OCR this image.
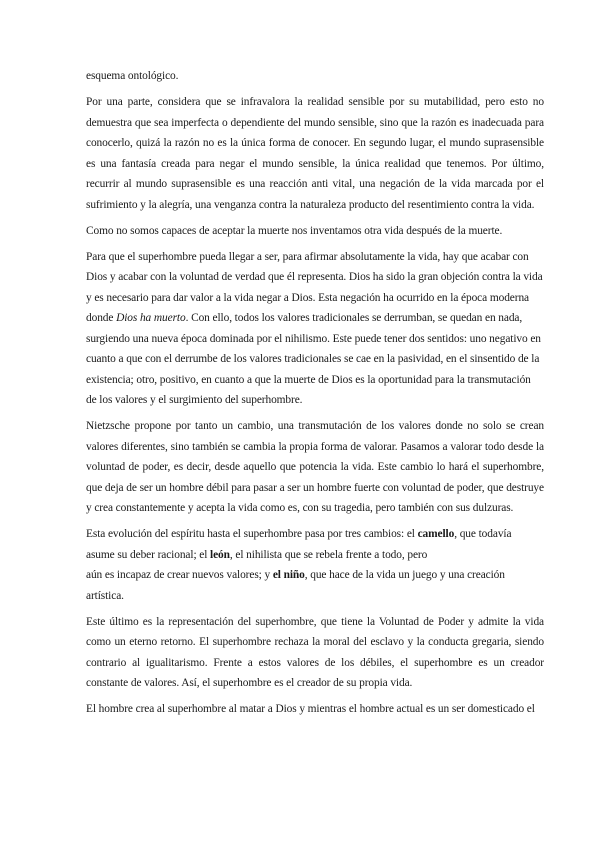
esquema ontológico.

Por una parte, considera que se infravalora la realidad sensible por su mutabilidad, pero esto no demuestra que sea imperfecta o dependiente del mundo sensible, sino que la razón es inadecuada para conocerlo, quizá la razón no es la única forma de conocer. En segundo lugar, el mundo suprasensible es una fantasía creada para negar el mundo sensible, la única realidad que tenemos. Por último, recurrir al mundo suprasensible es una reacción anti vital, una negación de la vida marcada por el sufrimiento y la alegría, una venganza contra la naturaleza producto del resentimiento contra la vida.

Como no somos capaces de aceptar la muerte nos inventamos otra vida después de la muerte.

Para que el superhombre pueda llegar a ser, para afirmar absolutamente la vida, hay que acabar con Dios y acabar con la voluntad de verdad que él representa. Dios ha sido la gran objeción contra la vida y es necesario para dar valor a la vida negar a Dios. Esta negación ha ocurrido en la época moderna donde Dios ha muerto. Con ello, todos los valores tradicionales se derrumban, se quedan en nada, surgiendo una nueva época dominada por el nihilismo. Este puede tener dos sentidos: uno negativo en cuanto a que con el derrumbe de los valores tradicionales se cae en la pasividad, en el sinsentido de la existencia; otro, positivo, en cuanto a que la muerte de Dios es la oportunidad para la transmutación de los valores y el surgimiento del superhombre.

Nietzsche propone por tanto un cambio, una transmutación de los valores donde no solo se crean valores diferentes, sino también se cambia la propia forma de valorar. Pasamos a valorar todo desde la voluntad de poder, es decir, desde aquello que potencia la vida. Este cambio lo hará el superhombre, que deja de ser un hombre débil para pasar a ser un hombre fuerte con voluntad de poder, que destruye y crea constantemente y acepta la vida como es, con su tragedia, pero también con sus dulzuras.

Esta evolución del espíritu hasta el superhombre pasa por tres cambios: el camello, que todavía
asume su deber racional; el león, el nihilista que se rebela frente a todo, pero
aún es incapaz de crear nuevos valores; y el niño, que hace de la vida un juego y una creación
artística.

Este último es la representación del superhombre, que tiene la Voluntad de Poder y admite la vida como un eterno retorno. El superhombre rechaza la moral del esclavo y la conducta gregaria, siendo contrario al igualitarismo. Frente a estos valores de los débiles, el superhombre es un creador constante de valores. Así, el superhombre es el creador de su propia vida.

El hombre crea al superhombre al matar a Dios y mientras el hombre actual es un ser domesticado el
